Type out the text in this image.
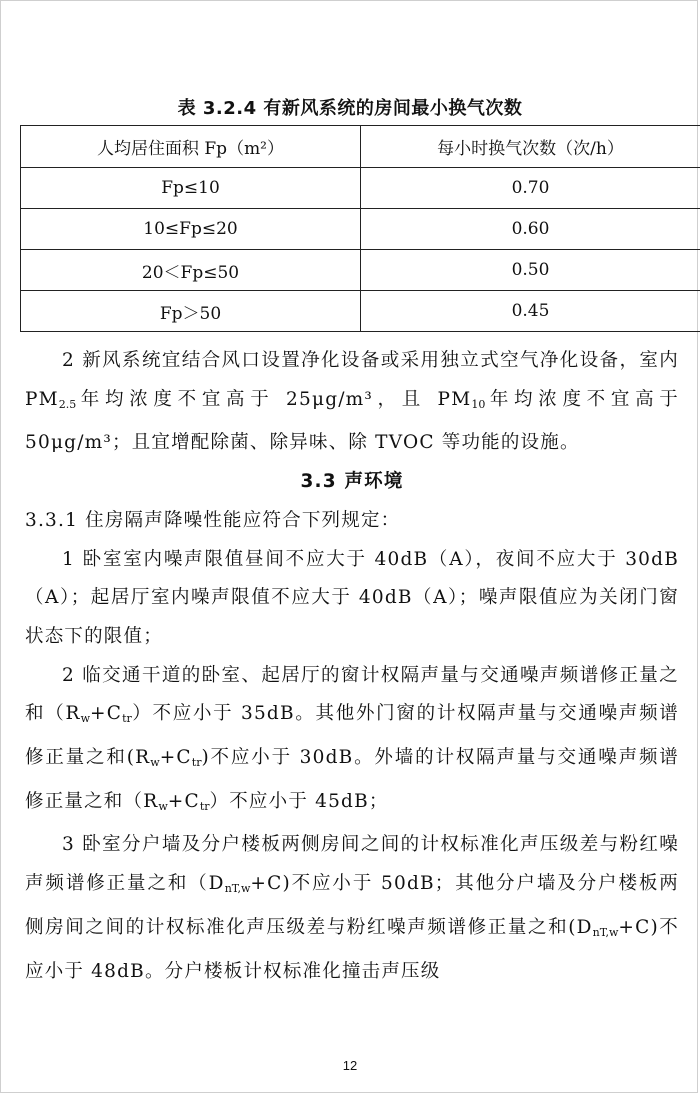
表 3.2.4 有新风系统的房间最小换气次数
人均居住面积 Fp（m²）	每小时换气次数（次/h）
Fp≤10	0.70
10≤Fp≤20	0.60
20＜Fp≤50	0.50
Fp＞50	0.45

2 新风系统宜结合风口设置净化设备或采用独立式空气净化设备，室内 $PM_{2.5}$年均浓度不宜高于 25μg/m³，且 $PM_{10}$年均浓度不宜高于 50μg/m³；且宜增配除菌、除异味、除 TVOC 等功能的设施。

3.3 声环境

3.3.1 住房隔声降噪性能应符合下列规定：

1 卧室室内噪声限值昼间不应大于 40dB（A），夜间不应大于 30dB（A）；起居厅室内噪声限值不应大于 40dB（A）；噪声限值应为关闭门窗状态下的限值；

2 临交通干道的卧室、起居厅的窗计权隔声量与交通噪声频谱修正量之和$(R_w+C_{tr})$不应小于 35dB。其他外门窗的计权隔声量与交通噪声频谱修正量之和$(R_w+C_{tr})$不应小于 30dB。外墙的计权隔声量与交通噪声频谱修正量之和$(R_w+C_{tr})$不应小于 45dB；

3 卧室分户墙及分户楼板两侧房间之间的计权标准化声压级差与粉红噪声频谱修正量之和$(D_{nT,w}+C)$不应小于 50dB；其他分户墙及分户楼板两侧房间之间的计权标准化声压级差与粉红噪声频谱修正量之和$(D_{nT,w}+C)$不应小于 48dB。分户楼板计权标准化撞击声压级

12
